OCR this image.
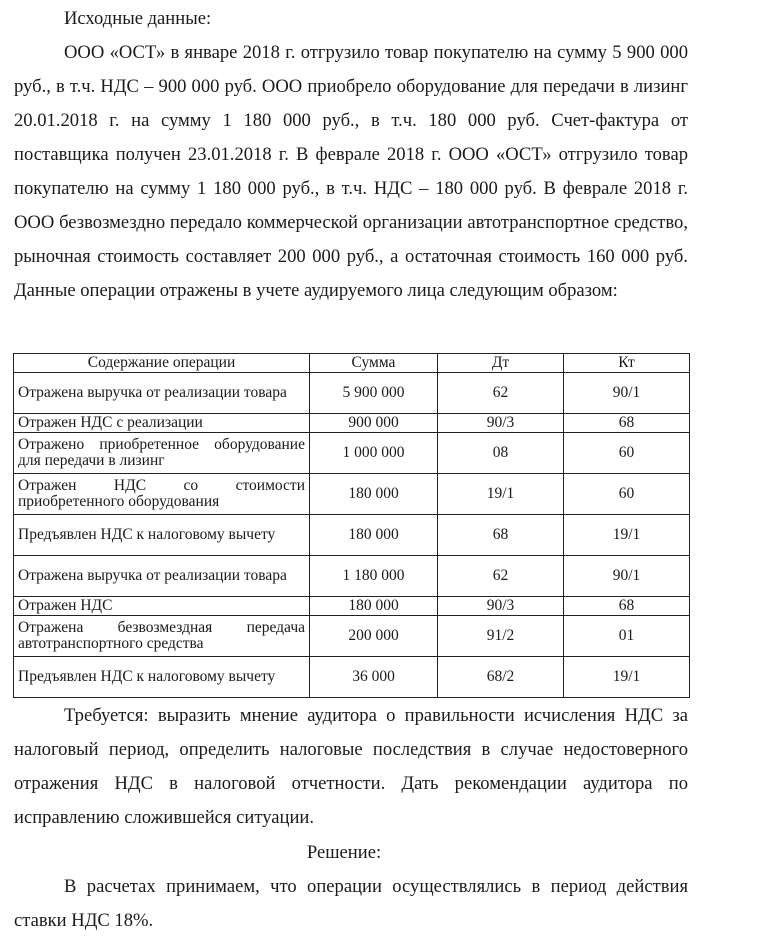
Исходные данные:

ООО «ОСТ» в январе 2018 г. отгрузило товар покупателю на сумму 5 900 000 руб., в т.ч. НДС – 900 000 руб. ООО приобрело оборудование для передачи в лизинг 20.01.2018 г. на сумму 1 180 000 руб., в т.ч. 180 000 руб. Счет-фактура от поставщика получен 23.01.2018 г. В феврале 2018 г. ООО «ОСТ» отгрузило товар покупателю на сумму 1 180 000 руб., в т.ч. НДС – 180 000 руб. В феврале 2018 г. ООО безвозмездно передало коммерческой организации автотранспортное средство, рыночная стоимость составляет 200 000 руб., а остаточная стоимость 160 000 руб. Данные операции отражены в учете аудируемого лица следующим образом:

Содержание операции	Сумма	Дт	Кт
Отражена выручка от реализации товара	5 900 000	62	90/1
Отражен НДС с реализации	900 000	90/3	68
Отражено приобретенное оборудование для передачи в лизинг	1 000 000	08	60
Отражен НДС со стоимости приобретенного оборудования	180 000	19/1	60
Предъявлен НДС к налоговому вычету	180 000	68	19/1
Отражена выручка от реализации товара	1 180 000	62	90/1
Отражен НДС	180 000	90/3	68
Отражена безвозмездная передача автотранспортного средства	200 000	91/2	01
Предъявлен НДС к налоговому вычету	36 000	68/2	19/1

Требуется: выразить мнение аудитора о правильности исчисления НДС за налоговый период, определить налоговые последствия в случае недостоверного отражения НДС в налоговой отчетности. Дать рекомендации аудитора по исправлению сложившейся ситуации.

Решение:

В расчетах принимаем, что операции осуществлялись в период действия ставки НДС 18%.
